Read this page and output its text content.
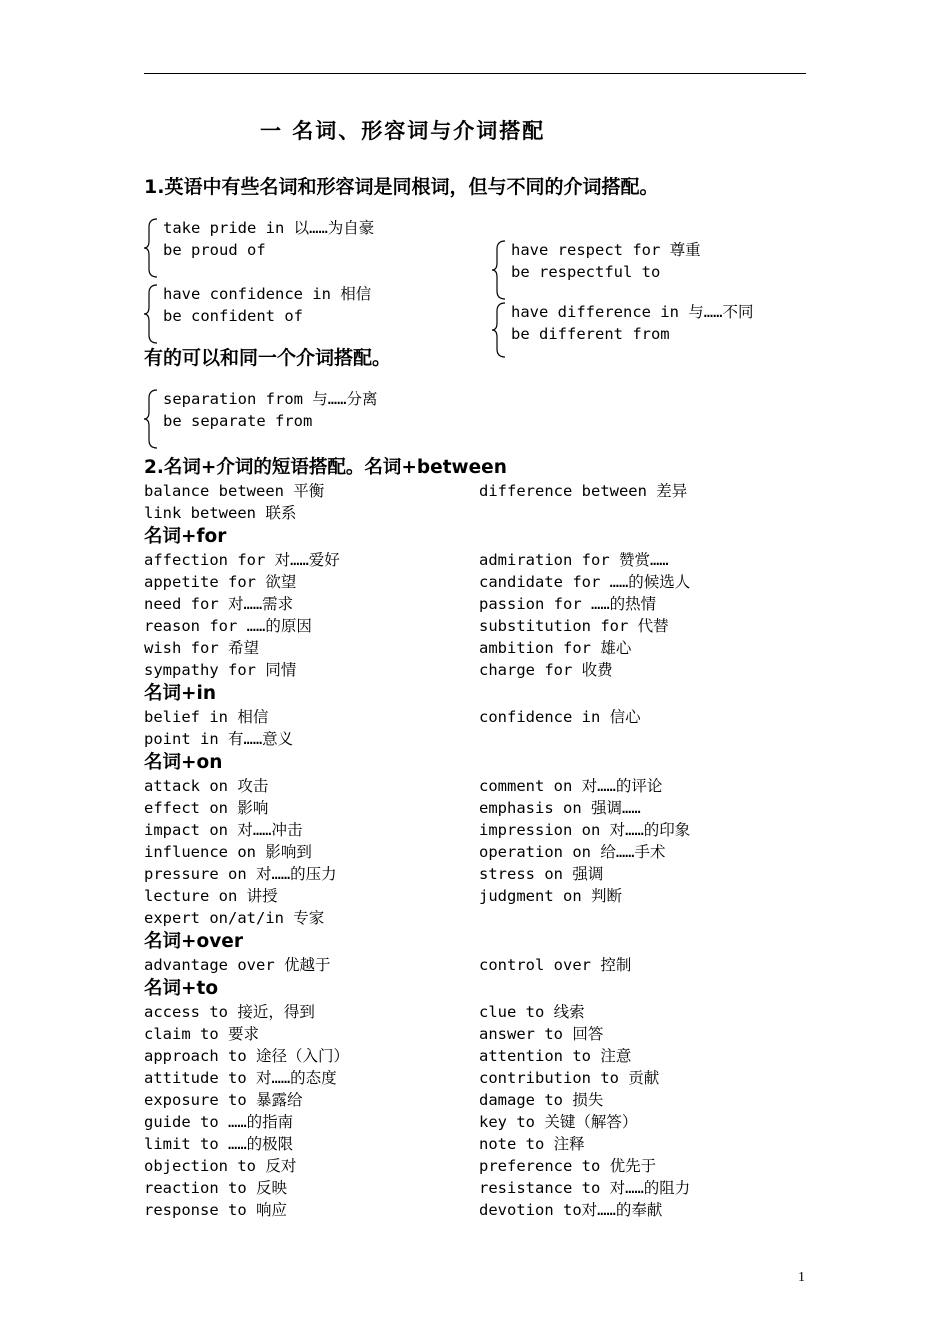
一 名词、形容词与介词搭配
1.英语中有些名词和形容词是同根词，但与不同的介词搭配。
take pride in 以……为自豪
be proud of
have confidence in 相信
be confident of
have respect for 尊重
be respectful to
have difference in 与……不同
be different from
有的可以和同一个介词搭配。
separation from 与……分离
be separate from
2.名词+介词的短语搭配。名词+between
balance between 平衡	difference between 差异
link between 联系
名词+for
affection for 对……爱好	admiration for 赞赏……
appetite for 欲望	candidate for ……的候选人
need for 对……需求	passion for ……的热情
reason for ……的原因	substitution for 代替
wish for 希望	ambition for 雄心
sympathy for 同情	charge for 收费
名词+in
belief in 相信	confidence in 信心
point in 有……意义
名词+on
attack on 攻击	comment on 对……的评论
effect on 影响	emphasis on 强调……
impact on 对……冲击	impression on 对……的印象
influence on 影响到	operation on 给……手术
pressure on 对……的压力	stress on 强调
lecture on 讲授	judgment on 判断
expert on/at/in 专家
名词+over
advantage over 优越于	control over 控制
名词+to
access to 接近，得到	clue to 线索
claim to 要求	answer to 回答
approach to 途径（入门）	attention to 注意
attitude to 对……的态度	contribution to 贡献
exposure to 暴露给	damage to 损失
guide to ……的指南	key to 关键（解答）
limit to ……的极限	note to 注释
objection to 反对	preference to 优先于
reaction to 反映	resistance to 对……的阻力
response to 响应	devotion to对……的奉献
1
